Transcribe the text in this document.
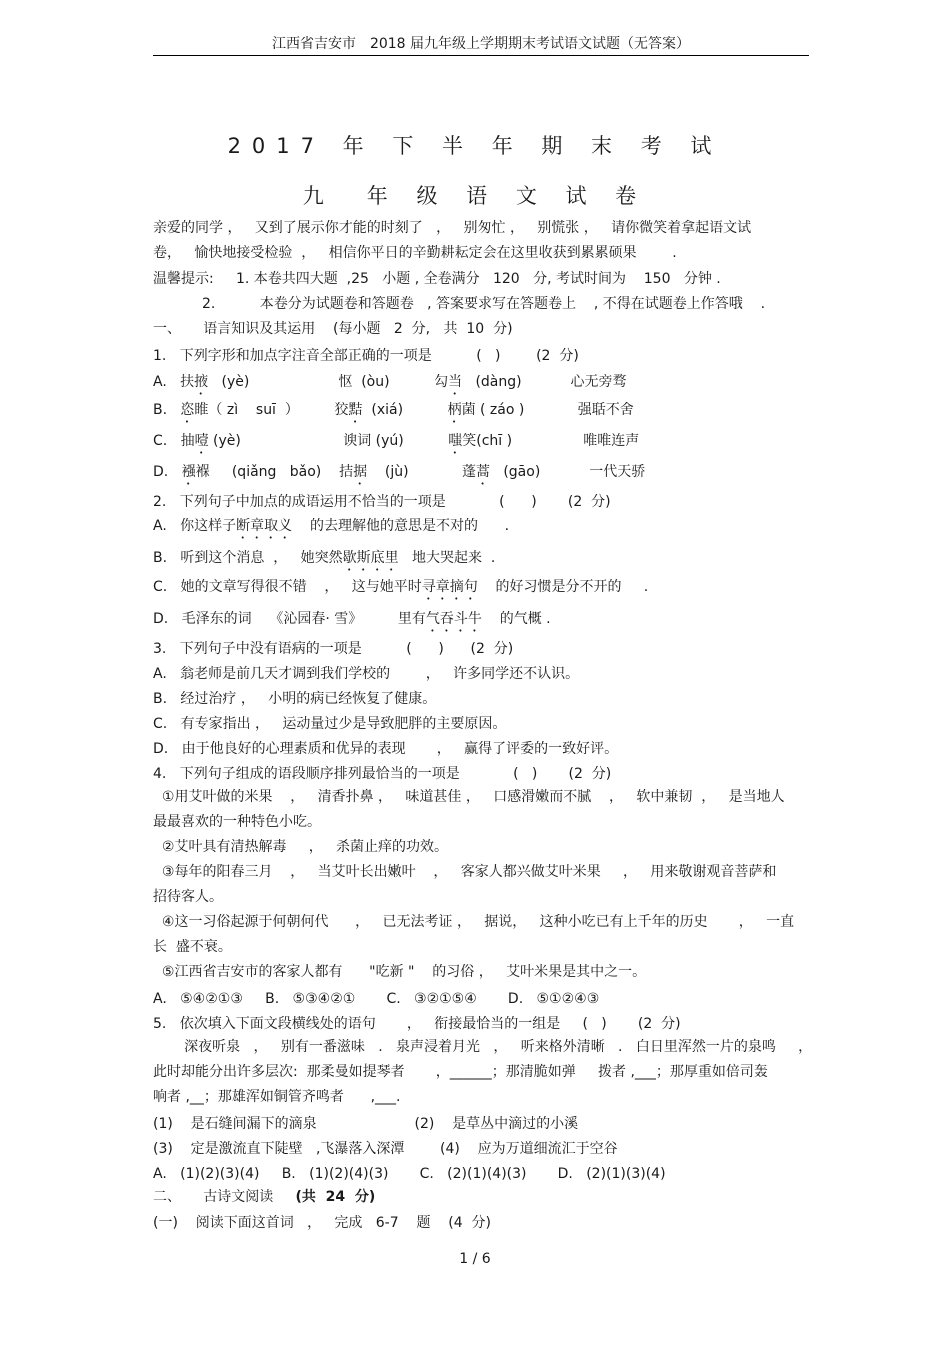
江西省吉安市　2018 届九年级上学期期末考试语文试题（无答案）
2017 年 下 半 年 期 末 考 试
九　年 级 语 文 试 卷
亲爱的同学 ，   又到了展示你才能的时刻了   ，   别匆忙 ，   别慌张 ，   请你微笑着拿起语文试
卷，   愉快地接受检验  ，   相信你平日的辛勤耕耘定会在这里收获到累累硕果        .
温馨提示:     1. 本卷共四大题  ,25   小题 , 全卷满分   120   分, 考试时间为    150   分钟 .
2.          本卷分为试题卷和答题卷   , 答案要求写在答题卷上    , 不得在试题卷上作答哦    .
一、     语言知识及其运用    (每小题   2  分,   共  10  分)
1.   下列字形和加点字注音全部正确的一项是          (   )        (2  分)
A.   扶掖   (yè)                    怄  (òu)          勾当   (dàng)           心无旁骛
B.   恣睢（ zì    suī  ）        狡黠  (xiá)          柄菌 ( záo )            强聒不舍
C.   抽噎 (yè)                       谀词 (yú)          嗤笑(chī )                唯唯连声
D.   襁褓     (qiǎng   bǎo)    拮据    (jù)            蓬蒿   (gāo)           一代天骄
2.   下列句子中加点的成语运用不恰当的一项是            (      )       (2  分)
A.   你这样子断章取义    的去理解他的意思是不对的      .
B.   听到这个消息  ，   她突然歇斯底里   地大哭起来  .
C.   她的文章写得很不错    ，   这与她平时寻章摘句    的好习惯是分不开的     .
D.   毛泽东的词    《沁园春· 雪》        里有气吞斗牛    的气概 .
3.   下列句子中没有语病的一项是          (      )      (2  分)
A.   翁老师是前几天才调到我们学校的        ，   许多同学还不认识。
B.   经过治疗 ，   小明的病已经恢复了健康。
C.   有专家指出 ，   运动量过少是导致肥胖的主要原因。
D.   由于他良好的心理素质和优异的表现       ，   赢得了评委的一致好评。
4.   下列句子组成的语段顺序排列最恰当的一项是            (   )       (2  分)
①用艾叶做的米果    ，   清香扑鼻 ，   味道甚佳 ，   口感滑嫩而不腻    ，   软中兼韧  ，   是当地人
最最喜欢的一种特色小吃。
②艾叶具有清热解毒     ，   杀菌止痒的功效。
③每年的阳春三月    ，   当艾叶长出嫩叶    ，   客家人都兴做艾叶米果     ，   用来敬谢观音菩萨和
招待客人。
④这一习俗起源于何朝何代      ，   已无法考证 ，   据说，   这种小吃已有上千年的历史       ，   一直
长  盛不衰。
⑤江西省吉安市的客家人都有      "吃新 "    的习俗 ，   艾叶米果是其中之一。
A.   ⑤④②①③     B.   ⑤③④②①       C.   ③②①⑤④       D.   ⑤①②④③
5.   依次填入下面文段横线处的语句       ，   衔接最恰当的一组是     (   )       (2  分)
深夜听泉   ，   别有一番滋味   .   泉声浸着月光   ，   听来格外清晰   .   白日里浑然一片的泉鸣     ，
此时却能分出许多层次:  那柔曼如提琴者       ，______；那清脆如弹     拨者 ,___；那厚重如倍司轰
响者 ,__；那雄浑如铜管齐鸣者      ,___.
(1)    是石缝间漏下的滴泉                      (2)    是草丛中滴过的小溪
(3)    定是激流直下陡壁   ,飞瀑落入深潭        (4)    应为万道细流汇于空谷
A.   (1)(2)(3)(4)     B.   (1)(2)(4)(3)       C.   (2)(1)(4)(3)       D.   (2)(1)(3)(4)
二、     古诗文阅读     (共  24  分)
(一)    阅读下面这首词   ，   完成   6-7    题    (4  分)
1 / 6
